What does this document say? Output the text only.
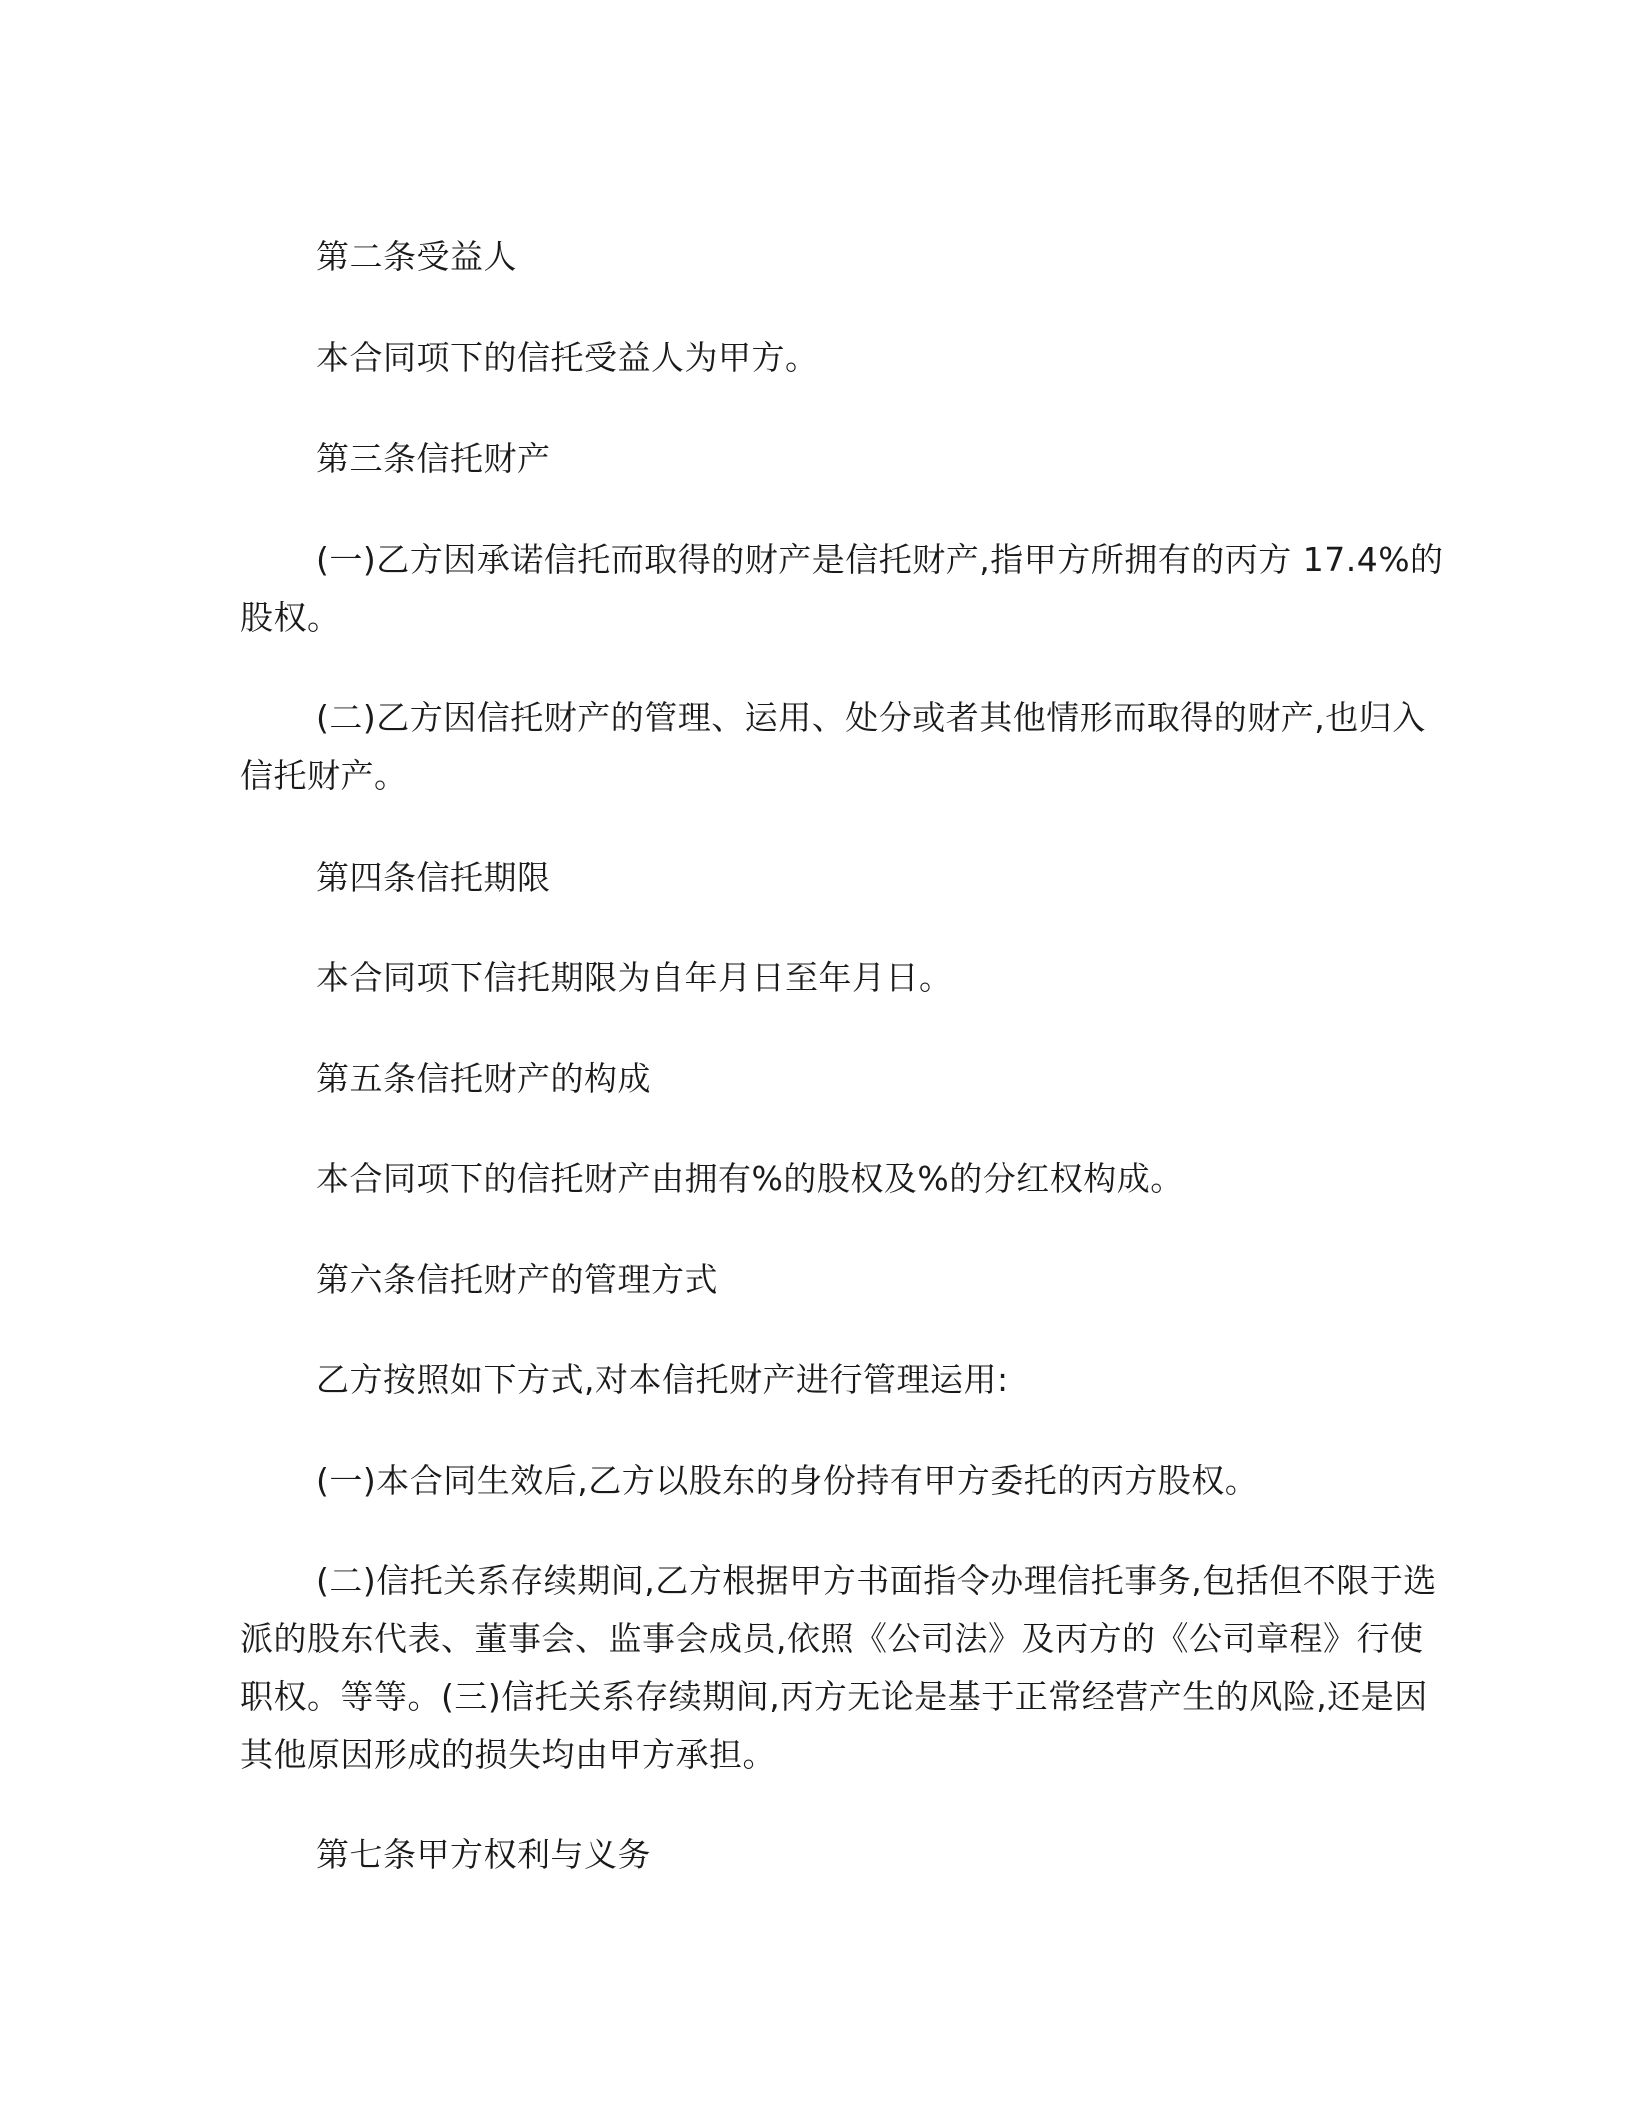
第二条受益人

本合同项下的信托受益人为甲方。

第三条信托财产

(一)乙方因承诺信托而取得的财产是信托财产,指甲方所拥有的丙方 17.4%的

股权。

(二)乙方因信托财产的管理、运用、处分或者其他情形而取得的财产,也归入

信托财产。

第四条信托期限

本合同项下信托期限为自年月日至年月日。

第五条信托财产的构成

本合同项下的信托财产由拥有%的股权及%的分红权构成。

第六条信托财产的管理方式

乙方按照如下方式,对本信托财产进行管理运用:

(一)本合同生效后,乙方以股东的身份持有甲方委托的丙方股权。

(二)信托关系存续期间,乙方根据甲方书面指令办理信托事务,包括但不限于选

派的股东代表、董事会、监事会成员,依照《公司法》及丙方的《公司章程》行使

职权。等等。(三)信托关系存续期间,丙方无论是基于正常经营产生的风险,还是因

其他原因形成的损失均由甲方承担。

第七条甲方权利与义务
